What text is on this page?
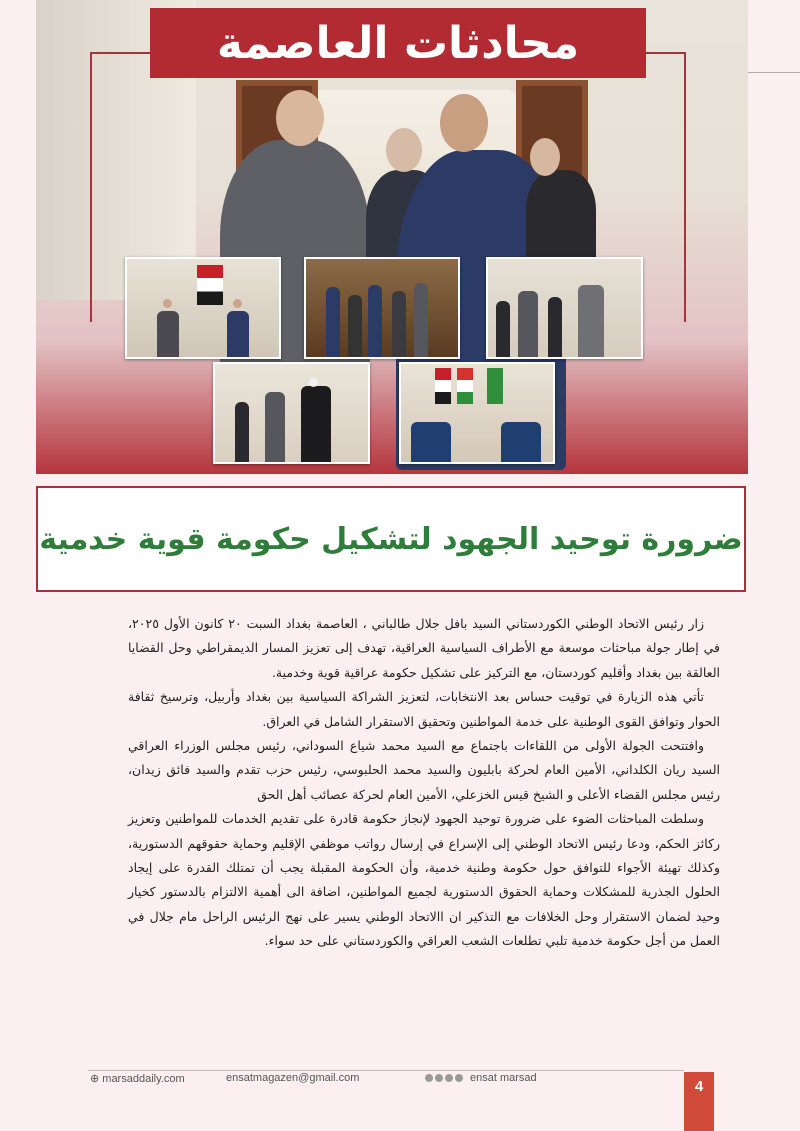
محادثات العاصمة
ضرورة توحيد الجهود لتشكيل حكومة قوية خدمية

زار رئيس الاتحاد الوطني الكوردستاني السيد بافل جلال طالباني ، العاصمة بغداد السبت ٢٠ كانون الأول ٢٠٢٥، في إطار جولة مباحثات موسعة مع الأطراف السياسية العراقية، تهدف إلى تعزيز المسار الديمقراطي وحل القضايا العالقة بين بغداد وأقليم كوردستان، مع التركيز على تشكيل حكومة عراقية قوية وخدمية.

تأتي هذه الزيارة في توقيت حساس بعد الانتخابات، لتعزيز الشراكة السياسية بين بغداد وأربيل، وترسيخ ثقافة الحوار وتوافق القوى الوطنية على خدمة المواطنين وتحقيق الاستقرار الشامل في العراق.

وافتتحت الجولة الأولى من اللقاءات باجتماع مع السيد محمد شياع السوداني، رئيس مجلس الوزراء العراقي السيد ريان الكلداني، الأمين العام لحركة بابليون والسيد محمد الحلبوسي، رئيس حزب تقدم والسيد فائق زيدان، رئيس مجلس القضاء الأعلى و الشيخ قيس الخزعلي، الأمين العام لحركة عصائب أهل الحق

وسلطت المباحثات الضوء على ضرورة توحيد الجهود لإنجاز حكومة قادرة على تقديم الخدمات للمواطنين وتعزيز ركائز الحكم، ودعا رئيس الاتحاد الوطني إلى الإسراع في إرسال رواتب موظفي الإقليم وحماية حقوقهم الدستورية، وكذلك تهيئة الأجواء للتوافق حول حكومة وطنية خدمية، وأن الحكومة المقبلة يجب أن تمتلك القدرة على إيجاد الحلول الجذرية للمشكلات وحماية الحقوق الدستورية لجميع المواطنين، اضافة الى أهمية الالتزام بالدستور كخيار وحيد لضمان الاستقرار وحل الخلافات مع التذكير ان االاتحاد الوطني يسير على نهج الرئيس الراحل مام جلال في العمل من أجل حكومة خدمية تلبي تطلعات الشعب العراقي والكوردستاني على حد سواء.

⊕ marsaddaily.com	ensatmagazen@gmail.com	ensat marsad	4
